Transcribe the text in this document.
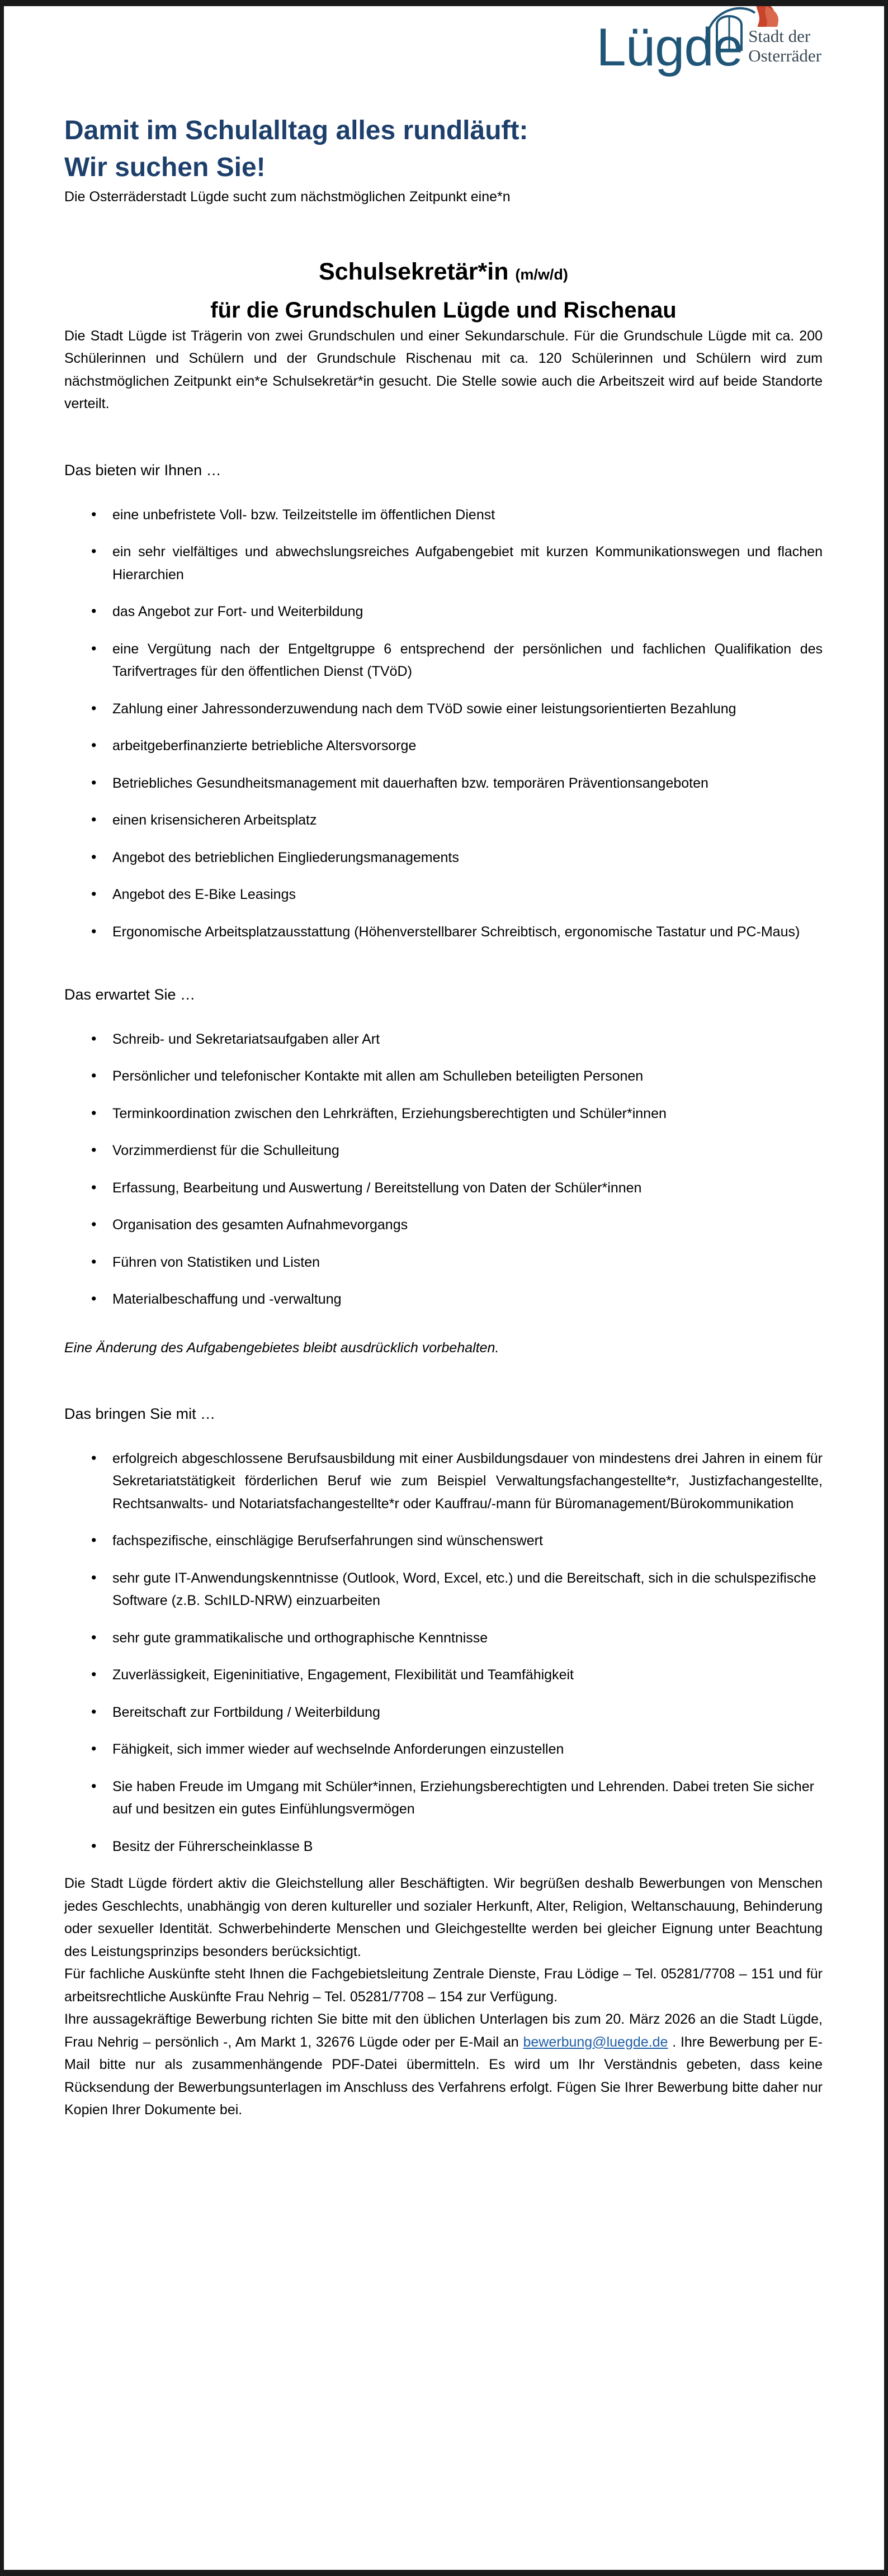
Lügde Stadt der
Osterräder
Damit im Schulalltag alles rundläuft:
Wir suchen Sie!

Die Osterräderstadt Lügde sucht zum nächstmöglichen Zeitpunkt eine*n

Schulsekretär*in (m/w/d)
für die Grundschulen Lügde und Rischenau

Die Stadt Lügde ist Trägerin von zwei Grundschulen und einer Sekundarschule. Für die Grundschule Lügde mit ca. 200 Schülerinnen und Schülern und der Grundschule Rischenau mit ca. 120 Schülerinnen und Schülern wird zum nächstmöglichen Zeitpunkt ein*e Schulsekretär*in gesucht. Die Stelle sowie auch die Arbeitszeit wird auf beide Standorte verteilt.

Das bieten wir Ihnen …
• eine unbefristete Voll- bzw. Teilzeitstelle im öffentlichen Dienst
• ein sehr vielfältiges und abwechslungsreiches Aufgabengebiet mit kurzen Kommunikationswegen und flachen Hierarchien
• das Angebot zur Fort- und Weiterbildung
• eine Vergütung nach der Entgeltgruppe 6 entsprechend der persönlichen und fachlichen Qualifikation des Tarifvertrages für den öffentlichen Dienst (TVöD)
• Zahlung einer Jahressonderzuwendung nach dem TVöD sowie einer leistungsorientierten Bezahlung
• arbeitgeberfinanzierte betriebliche Altersvorsorge
• Betriebliches Gesundheitsmanagement mit dauerhaften bzw. temporären Präventionsangeboten
• einen krisensicheren Arbeitsplatz
• Angebot des betrieblichen Eingliederungsmanagements
• Angebot des E-Bike Leasings
• Ergonomische Arbeitsplatzausstattung (Höhenverstellbarer Schreibtisch, ergonomische Tastatur und PC-Maus)
Das erwartet Sie …
• Schreib- und Sekretariatsaufgaben aller Art
• Persönlicher und telefonischer Kontakte mit allen am Schulleben beteiligten Personen
• Terminkoordination zwischen den Lehrkräften, Erziehungsberechtigten und Schüler*innen
• Vorzimmerdienst für die Schulleitung
• Erfassung, Bearbeitung und Auswertung / Bereitstellung von Daten der Schüler*innen
• Organisation des gesamten Aufnahmevorgangs
• Führen von Statistiken und Listen
• Materialbeschaffung und -verwaltung
Eine Änderung des Aufgabengebietes bleibt ausdrücklich vorbehalten.
Das bringen Sie mit …
• erfolgreich abgeschlossene Berufsausbildung mit einer Ausbildungsdauer von mindestens drei Jahren in einem für Sekretariatstätigkeit förderlichen Beruf wie zum Beispiel Verwaltungsfachangestellte*r, Justizfachangestellte, Rechtsanwalts- und Notariatsfachangestellte*r oder Kauffrau/-mann für Büromanagement/Bürokommunikation
• fachspezifische, einschlägige Berufserfahrungen sind wünschenswert
• sehr gute IT-Anwendungskenntnisse (Outlook, Word, Excel, etc.) und die Bereitschaft, sich in die schulspezifische Software (z.B. SchILD-NRW) einzuarbeiten
• sehr gute grammatikalische und orthographische Kenntnisse
• Zuverlässigkeit, Eigeninitiative, Engagement, Flexibilität und Teamfähigkeit
• Bereitschaft zur Fortbildung / Weiterbildung
• Fähigkeit, sich immer wieder auf wechselnde Anforderungen einzustellen
• Sie haben Freude im Umgang mit Schüler*innen, Erziehungsberechtigten und Lehrenden. Dabei treten Sie sicher auf und besitzen ein gutes Einfühlungsvermögen
• Besitz der Führerscheinklasse B

Die Stadt Lügde fördert aktiv die Gleichstellung aller Beschäftigten. Wir begrüßen deshalb Bewerbungen von Menschen jedes Geschlechts, unabhängig von deren kultureller und sozialer Herkunft, Alter, Religion, Weltanschauung, Behinderung oder sexueller Identität. Schwerbehinderte Menschen und Gleichgestellte werden bei gleicher Eignung unter Beachtung des Leistungsprinzips besonders berücksichtigt.

Für fachliche Auskünfte steht Ihnen die Fachgebietsleitung Zentrale Dienste, Frau Lödige – Tel. 05281/7708 – 151 und für arbeitsrechtliche Auskünfte Frau Nehrig – Tel. 05281/7708 – 154 zur Verfügung.

Ihre aussagekräftige Bewerbung richten Sie bitte mit den üblichen Unterlagen bis zum 20. März 2026 an die Stadt Lügde, Frau Nehrig – persönlich -, Am Markt 1, 32676 Lügde oder per E-Mail an bewerbung@luegde.de . Ihre Bewerbung per E-Mail bitte nur als zusammenhängende PDF-Datei übermitteln. Es wird um Ihr Verständnis gebeten, dass keine Rücksendung der Bewerbungsunterlagen im Anschluss des Verfahrens erfolgt. Fügen Sie Ihrer Bewerbung bitte daher nur Kopien Ihrer Dokumente bei.
